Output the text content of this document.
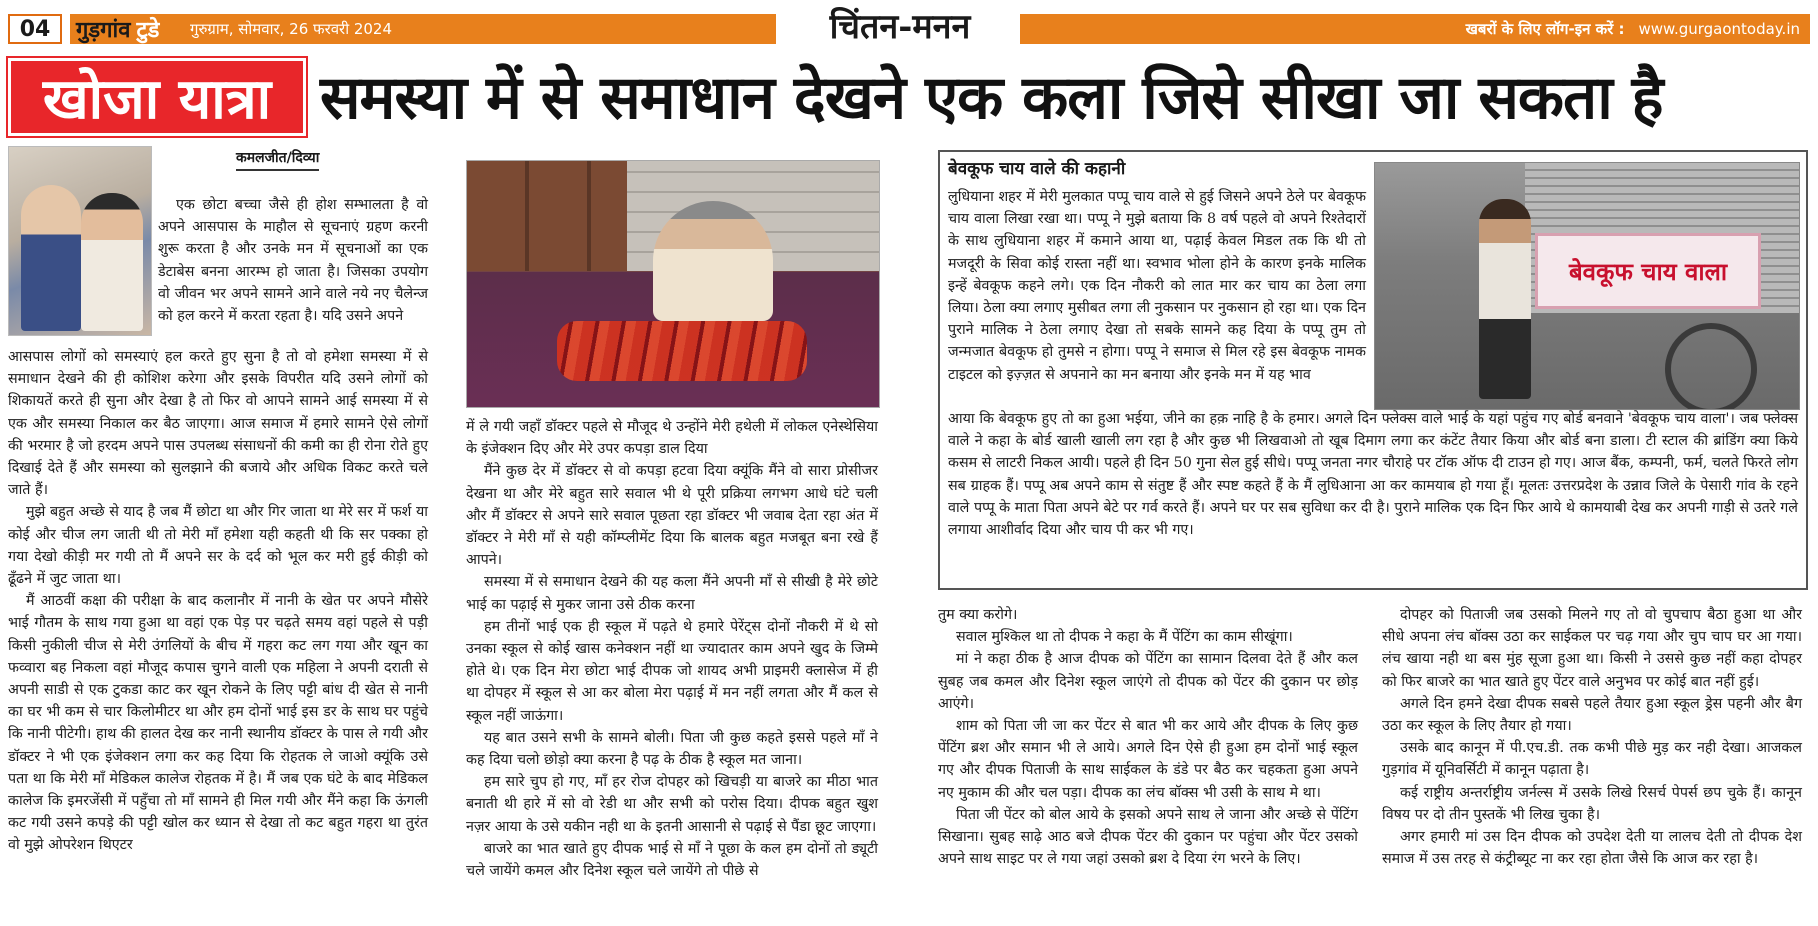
04	गुड़गांव टुडे गुरुग्राम, सोमवार, 26 फरवरी 2024	चिंतन-मनन	खबरों के लिए लॉग-इन करें : www.gurgaontoday.in
खोजा यात्रा समस्या में से समाधान देखने एक कला जिसे सीखा जा सकता है
कमलजीत/दिव्या

एक छोटा बच्चा जैसे ही होश सम्भालता है वो अपने आसपास के माहौल से सूचनाएं ग्रहण करनी शुरू करता है और उनके मन में सूचनाओं का एक डेटाबेस बनना आरम्भ हो जाता है। जिसका उपयोग वो जीवन भर अपने सामने आने वाले नये नए चैलेन्ज को हल करने में करता रहता है। यदि उसने अपने

आसपास लोगों को समस्याएं हल करते हुए सुना है तो वो हमेशा समस्या में से समाधान देखने की ही कोशिश करेगा और इसके विपरीत यदि उसने लोगों को शिकायतें करते ही सुना और देखा है तो फिर वो आपने सामने आई समस्या में से एक और समस्या निकाल कर बैठ जाएगा। आज समाज में हमारे सामने ऐसे लोगों की भरमार है जो हरदम अपने पास उपलब्ध संसाधनों की कमी का ही रोना रोते हुए दिखाई देते हैं और समस्या को सुलझाने की बजाये और अधिक विकट करते चले जाते हैं।

मुझे बहुत अच्छे से याद है जब मैं छोटा था और गिर जाता था मेरे सर में फर्श या कोई और चीज लग जाती थी तो मेरी माँ हमेशा यही कहती थी कि सर पक्का हो गया देखो कीड़ी मर गयी तो मैं अपने सर के दर्द को भूल कर मरी हुई कीड़ी को ढूँढने में जुट जाता था।

मैं आठवीं कक्षा की परीक्षा के बाद कलानौर में नानी के खेत पर अपने मौसेरे भाई गौतम के साथ गया हुआ था वहां एक पेड़ पर चढ़ते समय वहां पहले से पड़ी किसी नुकीली चीज से मेरी उंगलियों के बीच में गहरा कट लग गया और खून का फव्वारा बह निकला वहां मौजूद कपास चुगने वाली एक महिला ने अपनी दराती से अपनी साडी से एक टुकडा काट कर खून रोकने के लिए पट्टी बांध दी खेत से नानी का घर भी कम से चार किलोमीटर था और हम दोनों भाई इस डर के साथ घर पहुंचे कि नानी पीटेगी। हाथ की हालत देख कर नानी स्थानीय डॉक्टर के पास ले गयी और डॉक्टर ने भी एक इंजेक्शन लगा कर कह दिया कि रोहतक ले जाओ क्यूंकि उसे पता था कि मेरी माँ मेडिकल कालेज रोहतक में है। मैं जब एक घंटे के बाद मेडिकल कालेज कि इमरजेंसी में पहुँचा तो माँ सामने ही मिल गयी और मैंने कहा कि ऊंगली कट गयी उसने कपड़े की पट्टी खोल कर ध्यान से देखा तो कट बहुत गहरा था तुरंत वो मुझे ओपरेशन थिएटर

में ले गयी जहाँ डॉक्टर पहले से मौजूद थे उन्होंने मेरी हथेली में लोकल एनेस्थेसिया के इंजेक्शन दिए और मेरे उपर कपड़ा डाल दिया

मैंने कुछ देर में डॉक्टर से वो कपड़ा हटवा दिया क्यूंकि मैंने वो सारा प्रोसीजर देखना था और मेरे बहुत सारे सवाल भी थे पूरी प्रक्रिया लगभग आधे घंटे चली और मैं डॉक्टर से अपने सारे सवाल पूछता रहा डॉक्टर भी जवाब देता रहा अंत में डॉक्टर ने मेरी माँ से यही कॉम्प्लीमेंट दिया कि बालक बहुत मजबूत बना रखे हैं आपने।

समस्या में से समाधान देखने की यह कला मैंने अपनी माँ से सीखी है मेरे छोटे भाई का पढ़ाई से मुकर जाना उसे ठीक करना

हम तीनों भाई एक ही स्कूल में पढ़ते थे हमारे पेरेंट्स दोनों नौकरी में थे सो उनका स्कूल से कोई खास कनेक्शन नहीं था ज्यादातर काम अपने खुद के जिम्मे होते थे। एक दिन मेरा छोटा भाई दीपक जो शायद अभी प्राइमरी क्लासेज में ही था दोपहर में स्कूल से आ कर बोला मेरा पढ़ाई में मन नहीं लगता और मैं कल से स्कूल नहीं जाऊंगा।

यह बात उसने सभी के सामने बोली। पिता जी कुछ कहते इससे पहले माँ ने कह दिया चलो छोड़ो क्या करना है पढ़ के ठीक है स्कूल मत जाना।

हम सारे चुप हो गए, माँ हर रोज दोपहर को खिचड़ी या बाजरे का मीठा भात बनाती थी हारे में सो वो रेडी था और सभी को परोस दिया। दीपक बहुत खुश नज़र आया के उसे यकीन नही था के इतनी आसानी से पढ़ाई से पैंडा छूट जाएगा।

बाजरे का भात खाते हुए दीपक भाई से माँ ने पूछा के कल हम दोनों तो ड्यूटी चले जायेंगे कमल और दिनेश स्कूल चले जायेंगे तो पीछे से

बेवकूफ चाय वाले की कहानी
बेवकूफ चाय वाला

लुधियाना शहर में मेरी मुलकात पप्पू चाय वाले से हुई जिसने अपने ठेले पर बेवकूफ चाय वाला लिखा रखा था। पप्पू ने मुझे बताया कि 8 वर्ष पहले वो अपने रिश्तेदारों के साथ लुधियाना शहर में कमाने आया था, पढ़ाई केवल मिडल तक कि थी तो मजदूरी के सिवा कोई रास्ता नहीं था। स्वभाव भोला होने के कारण इनके मालिक इन्हें बेवकूफ कहने लगे। एक दिन नौकरी को लात मार कर चाय का ठेला लगा लिया। ठेला क्या लगाए मुसीबत लगा ली नुकसान पर नुकसान हो रहा था। एक दिन पुराने मालिक ने ठेला लगाए देखा तो सबके सामने कह दिया के पप्पू तुम तो जन्मजात बेवकूफ हो तुमसे न होगा। पप्पू ने समाज से मिल रहे इस बेवकूफ नामक टाइटल को इज़्ज़त से अपनाने का मन बनाया और इनके मन में यह भाव

आया कि बेवकूफ हुए तो का हुआ भईया, जीने का हक़ नाहि है के हमार। अगले दिन फ्लेक्स वाले भाई के यहां पहुंच गए बोर्ड बनवाने 'बेवकूफ चाय वाला'। जब फ्लेक्स वाले ने कहा के बोर्ड खाली खाली लग रहा है और कुछ भी लिखवाओ तो खूब दिमाग लगा कर कंटेंट तैयार किया और बोर्ड बना डाला। टी स्टाल की ब्रांडिंग क्या किये कसम से लाटरी निकल आयी। पहले ही दिन 50 गुना सेल हुई सीधे। पप्पू जनता नगर चौराहे पर टॉक ऑफ दी टाउन हो गए। आज बैंक, कम्पनी, फर्म, चलते फिरते लोग सब ग्राहक हैं। पप्पू अब अपने काम से संतुष्ट हैं और स्पष्ट कहते हैं के मैं लुधिआना आ कर कामयाब हो गया हूँ। मूलतः उत्तरप्रदेश के उन्नाव जिले के पेसारी गांव के रहने वाले पप्पू के माता पिता अपने बेटे पर गर्व करते हैं। अपने घर पर सब सुविधा कर दी है। पुराने मालिक एक दिन फिर आये थे कामयाबी देख कर अपनी गाड़ी से उतरे गले लगाया आशीर्वाद दिया और चाय पी कर भी गए।

तुम क्या करोगे।

सवाल मुश्किल था तो दीपक ने कहा के मैं पेंटिंग का काम सीखूंगा।

मां ने कहा ठीक है आज दीपक को पेंटिंग का सामान दिलवा देते हैं और कल सुबह जब कमल और दिनेश स्कूल जाएंगे तो दीपक को पेंटर की दुकान पर छोड़ आएंगे।

शाम को पिता जी जा कर पेंटर से बात भी कर आये और दीपक के लिए कुछ पेंटिंग ब्रश और समान भी ले आये। अगले दिन ऐसे ही हुआ हम दोनों भाई स्कूल गए और दीपक पिताजी के साथ साईकल के डंडे पर बैठ कर चहकता हुआ अपने नए मुकाम की और चल पड़ा। दीपक का लंच बॉक्स भी उसी के साथ मे था।

पिता जी पेंटर को बोल आये के इसको अपने साथ ले जाना और अच्छे से पेंटिंग सिखाना। सुबह साढ़े आठ बजे दीपक पेंटर की दुकान पर पहुंचा और पेंटर उसको अपने साथ साइट पर ले गया जहां उसको ब्रश दे दिया रंग भरने के लिए।

दोपहर को पिताजी जब उसको मिलने गए तो वो चुपचाप बैठा हुआ था और सीधे अपना लंच बॉक्स उठा कर साईकल पर चढ़ गया और चुप चाप घर आ गया। लंच खाया नही था बस मुंह सूजा हुआ था। किसी ने उससे कुछ नहीं कहा दोपहर को फिर बाजरे का भात खाते हुए पेंटर वाले अनुभव पर कोई बात नहीं हुई।

अगले दिन हमने देखा दीपक सबसे पहले तैयार हुआ स्कूल ड्रेस पहनी और बैग उठा कर स्कूल के लिए तैयार हो गया।

उसके बाद कानून में पी.एच.डी. तक कभी पीछे मुड़ कर नही देखा। आजकल गुड़गांव में यूनिवर्सिटी में कानून पढ़ाता है।

कई राष्ट्रीय अन्तर्राष्ट्रीय जर्नल्स में उसके लिखे रिसर्च पेपर्स छप चुके हैं। कानून विषय पर दो तीन पुस्तकें भी लिख चुका है।

अगर हमारी मां उस दिन दीपक को उपदेश देती या लालच देती तो दीपक देश समाज में उस तरह से कंट्रीब्यूट ना कर रहा होता जैसे कि आज कर रहा है।
